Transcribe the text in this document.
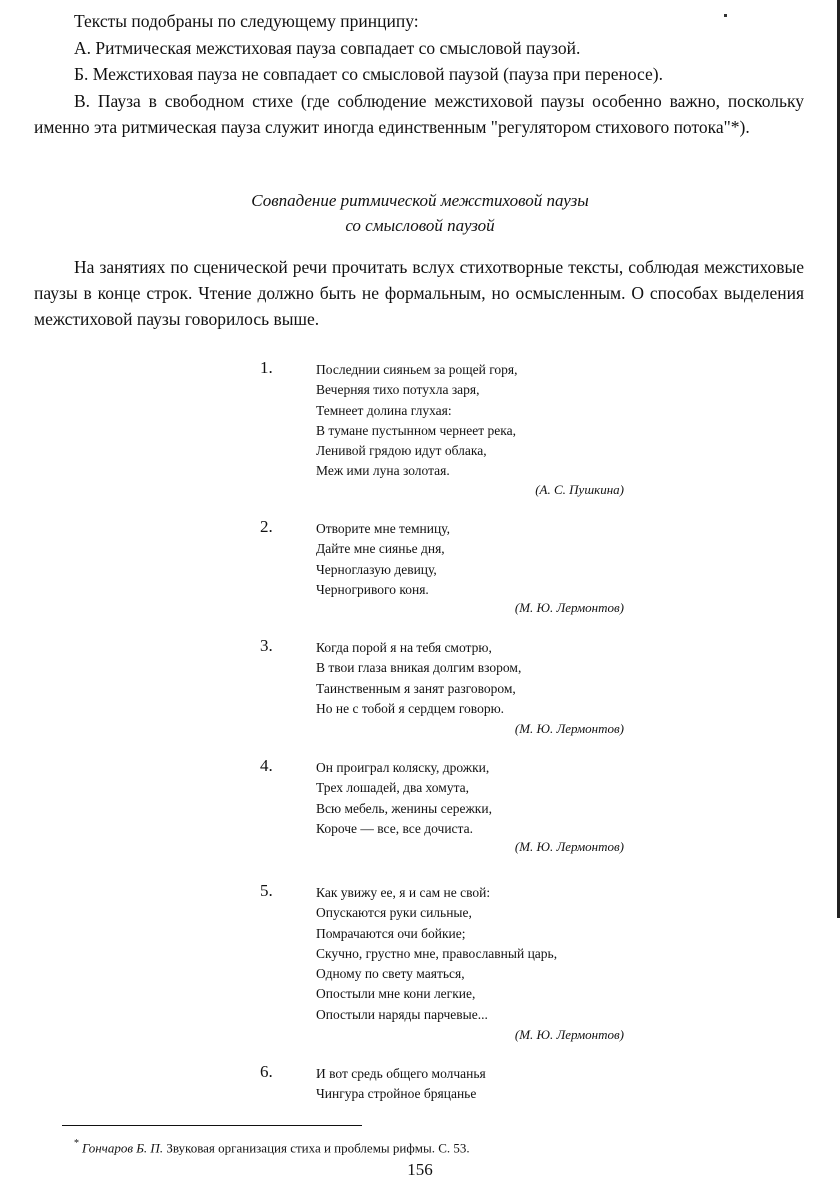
Тексты подобраны по следующему принципу:

А. Ритмическая межстиховая пауза совпадает со смысловой паузой.

Б. Межстиховая пауза не совпадает со смысловой паузой (пауза при переносе).

В. Пауза в свободном стихе (где соблюдение межстиховой паузы особенно важно, поскольку именно эта ритмическая пауза служит иногда единственным "регулятором стихового потока"*).

Совпадение ритмической межстиховой паузы
со смысловой паузой

На занятиях по сценической речи прочитать вслух стихотворные тексты, соблюдая межстиховые паузы в конце строк. Чтение должно быть не формальным, но осмысленным. О способах выделения межстиховой паузы говорилось выше.

1.	Последнии сияньем за рощей горя,
Вечерняя тихо потухла заря,
Темнеет долина глухая:
В тумане пустынном чернеет река,
Ленивой грядою идут облака,
Меж ими луна золотая.
(А. С. Пушкина)
2.	Отворите мне темницу,
Дайте мне сиянье дня,
Черноглазую девицу,
Черногривого коня.
(М. Ю. Лермонтов)
3.	Когда порой я на тебя смотрю,
В твои глаза вникая долгим взором,
Таинственным я занят разговором,
Но не с тобой я сердцем говорю.
(М. Ю. Лермонтов)
4.	Он проиграл коляску, дрожки,
Трех лошадей, два хомута,
Всю мебель, женины сережки,
Короче — все, все дочиста.
(М. Ю. Лермонтов)
5.	Как увижу ее, я и сам не свой:
Опускаются руки сильные,
Помрачаются очи бойкие;
Скучно, грустно мне, православный царь,
Одному по свету маяться,
Опостыли мне кони легкие,
Опостыли наряды парчевые...
(М. Ю. Лермонтов)
6.	И вот средь общего молчанья
Чингура стройное бряцанье
* Гончаров Б. П. Звуковая организация стиха и проблемы рифмы. С. 53.
156
